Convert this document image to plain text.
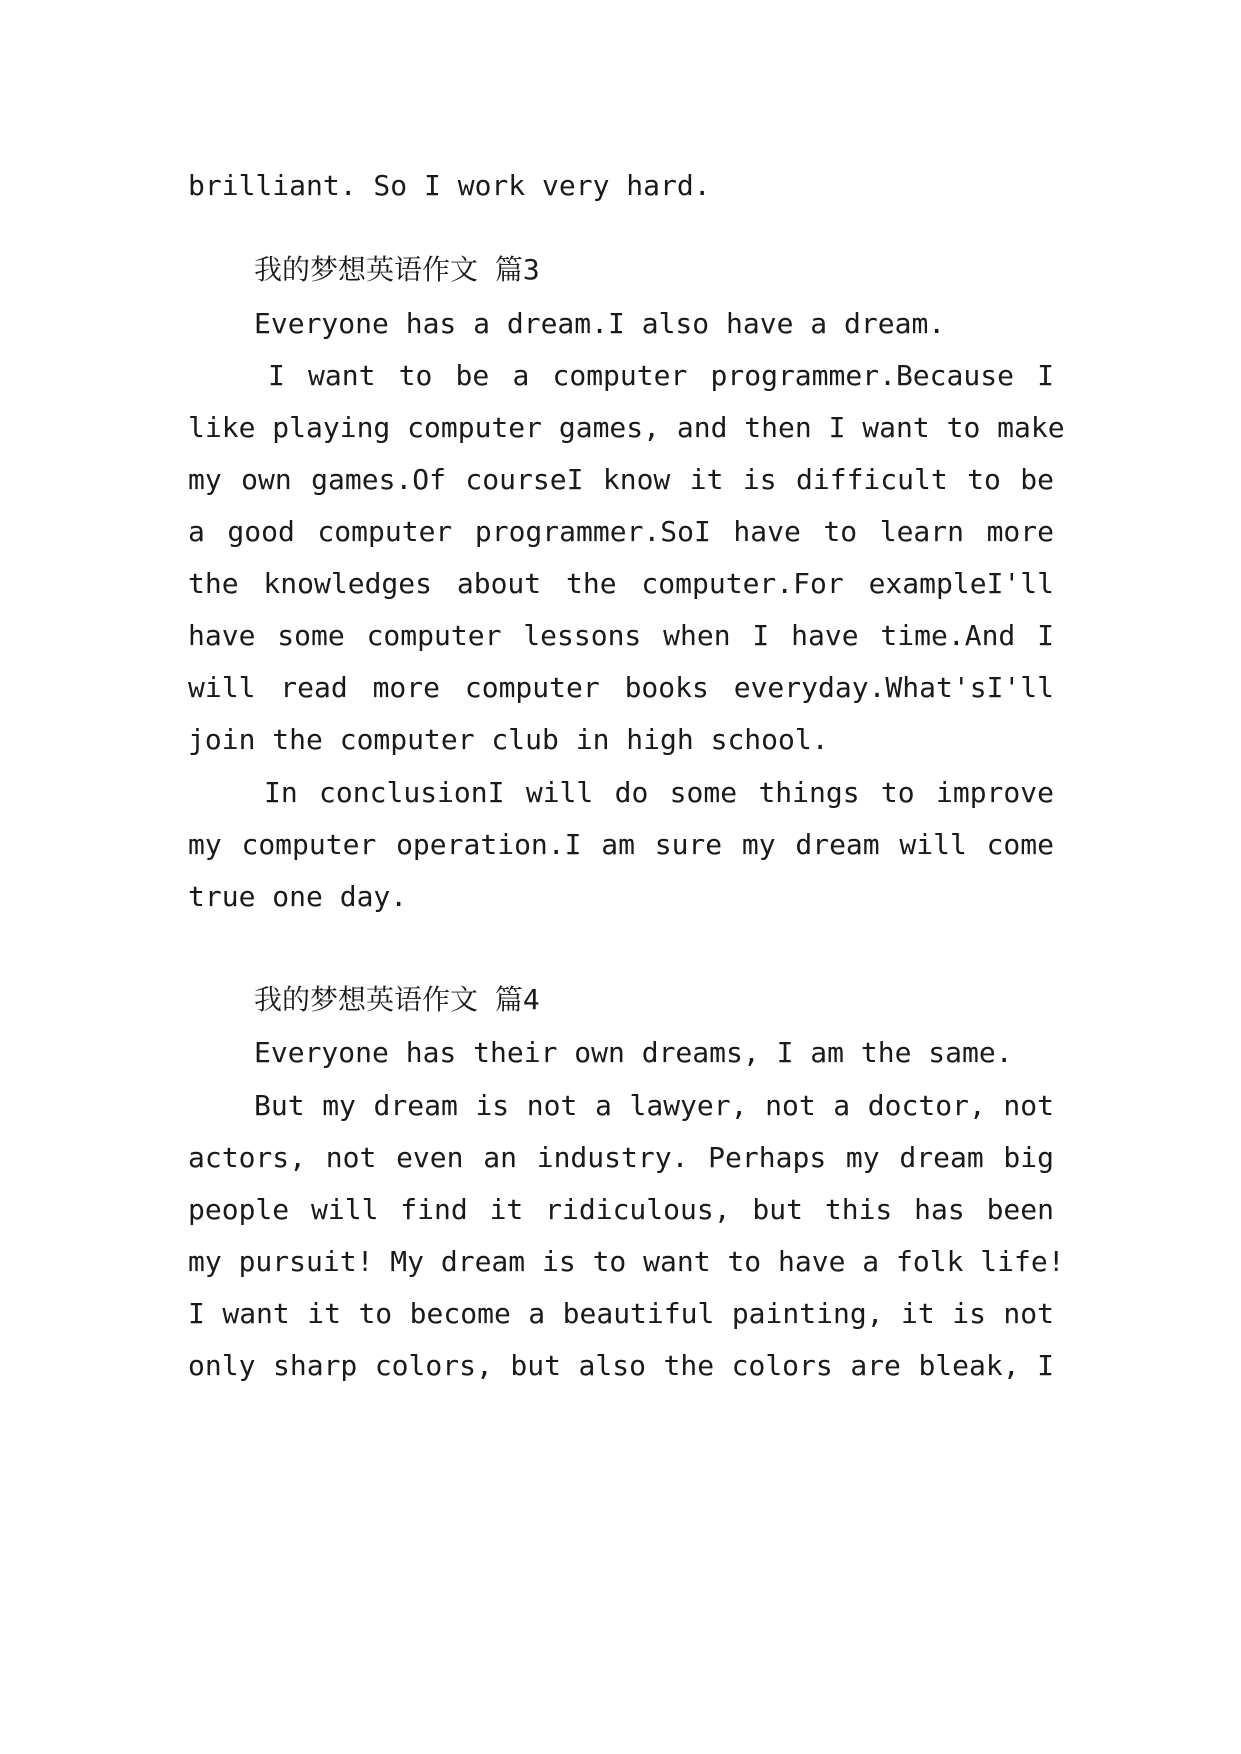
brilliant. So I work very hard.
我的梦想英语作文 篇3
Everyone has a dream.I also have a dream.
I want to be a computer programmer.Because I
like playing computer games, and then I want to make
my own games.Of courseI know it is difficult to be
a good computer programmer.SoI have to learn more
the knowledges about the computer.For exampleI'll
have some computer lessons when I have time.And I
will read more computer books everyday.What'sI'll
join the computer club in high school.
In conclusionI will do some things to improve
my computer operation.I am sure my dream will come
true one day.
我的梦想英语作文 篇4
Everyone has their own dreams, I am the same.
But my dream is not a lawyer, not a doctor, not
actors, not even an industry. Perhaps my dream big
people will find it ridiculous, but this has been
my pursuit! My dream is to want to have a folk life!
I want it to become a beautiful painting, it is not
only sharp colors, but also the colors are bleak, I
